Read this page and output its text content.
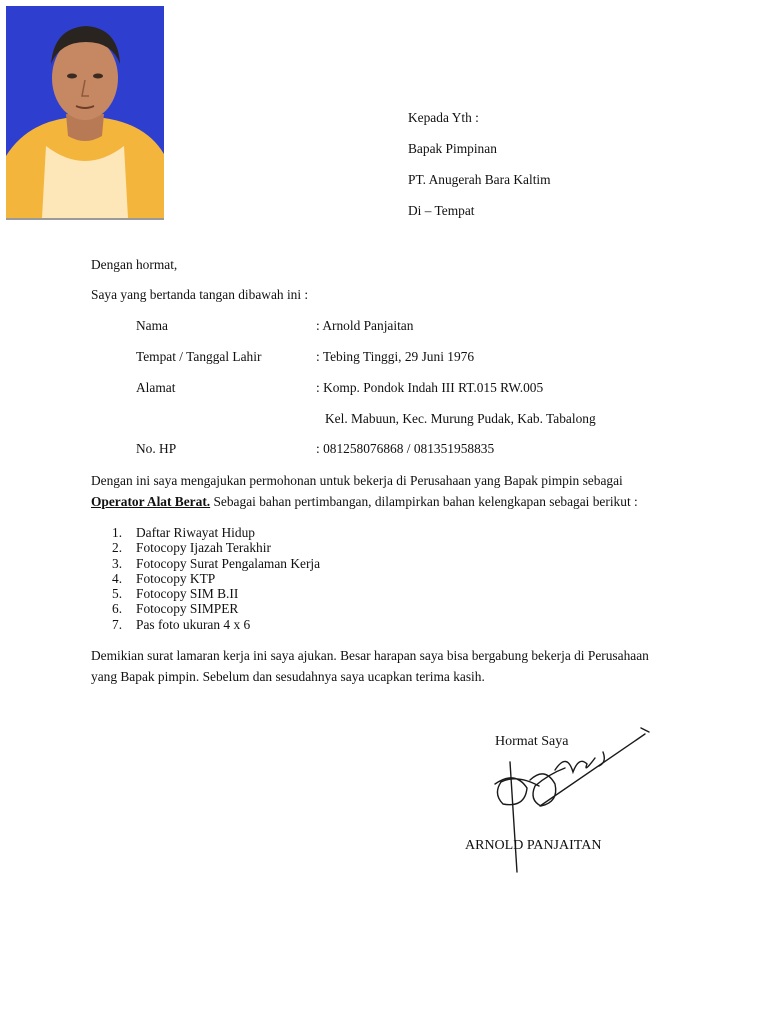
Kepada Yth :
Bapak Pimpinan
PT. Anugerah Bara Kaltim
Di – Tempat
Dengan hormat,
Saya yang bertanda tangan dibawah ini :
Nama	: Arnold Panjaitan
Tempat / Tanggal Lahir	: Tebing Tinggi, 29 Juni 1976
Alamat	: Komp. Pondok Indah III RT.015 RW.005
Kel. Mabuun, Kec. Murung Pudak, Kab. Tabalong
No. HP	: 081258076868 / 081351958835
Dengan ini saya mengajukan permohonan untuk bekerja di Perusahaan yang Bapak pimpin sebagai
Operator Alat Berat. Sebagai bahan pertimbangan, dilampirkan bahan kelengkapan sebagai berikut :
1.	Daftar Riwayat Hidup
2.	Fotocopy Ijazah Terakhir
3.	Fotocopy Surat Pengalaman Kerja
4.	Fotocopy KTP
5.	Fotocopy SIM B.II
6.	Fotocopy SIMPER
7.	Pas foto ukuran 4 x 6
Demikian surat lamaran kerja ini saya ajukan. Besar harapan saya bisa bergabung bekerja di Perusahaan
yang Bapak pimpin. Sebelum dan sesudahnya saya ucapkan terima kasih.
Hormat Saya
ARNOLD PANJAITAN
